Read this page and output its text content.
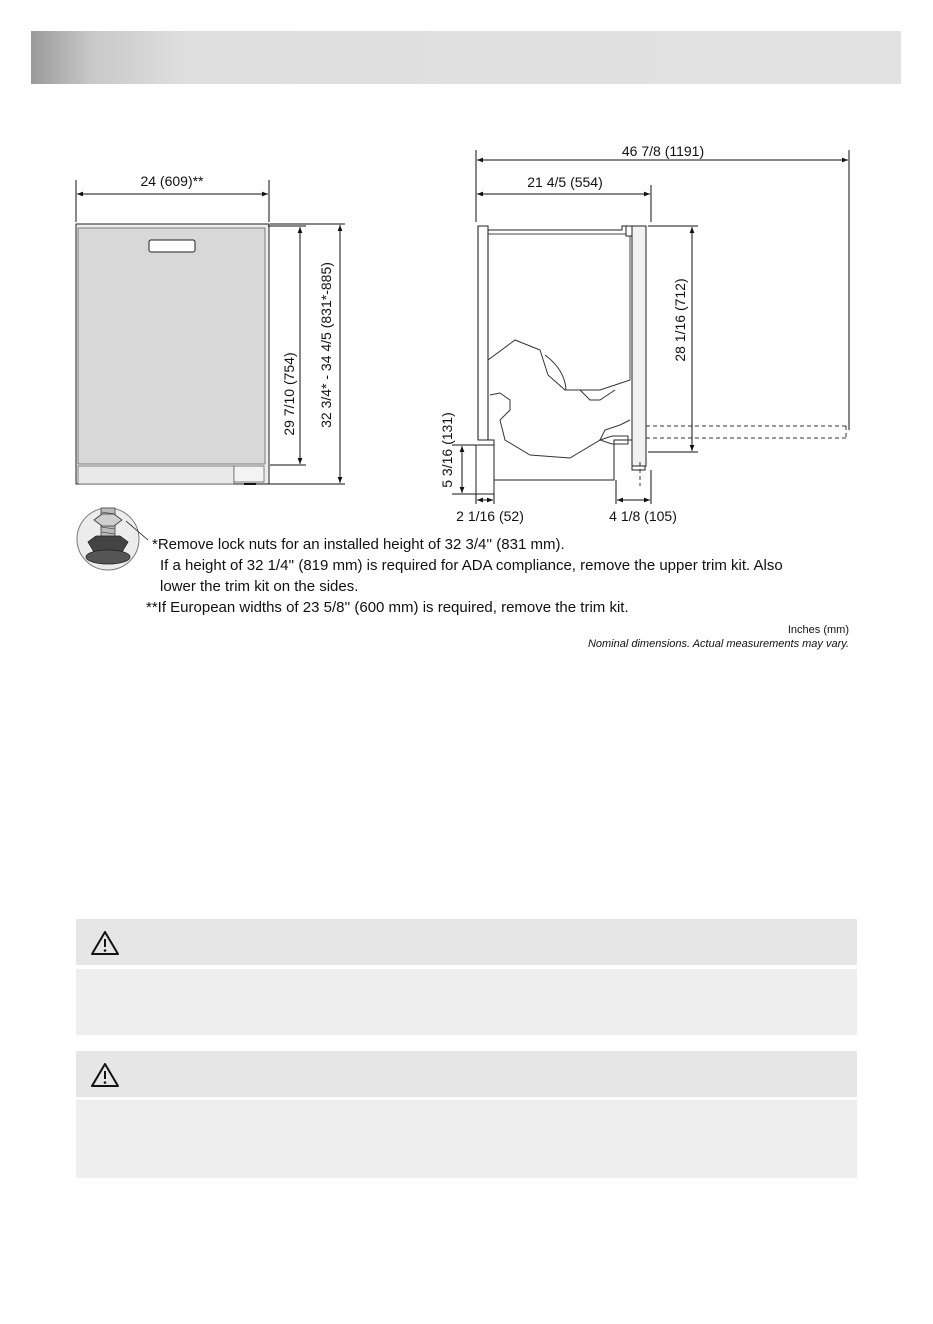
24 (609)**
29 7/10 (754) 32 3/4* - 34 4/5 (831*-885)
46 7/8 (1191)
21 4/5 (554)
28 1/16 (712)
5 3/16 (131)
2 1/16 (52)	4 1/8 (105)
*Remove lock nuts for an installed height of 32 3/4'' (831 mm).
If a height of 32 1/4'' (819 mm) is required for ADA compliance, remove the upper trim kit. Also
lower the trim kit on the sides.
**If European widths of 23 5/8'' (600 mm) is required, remove the trim kit.
Inches (mm)
Nominal dimensions. Actual measurements may vary.
